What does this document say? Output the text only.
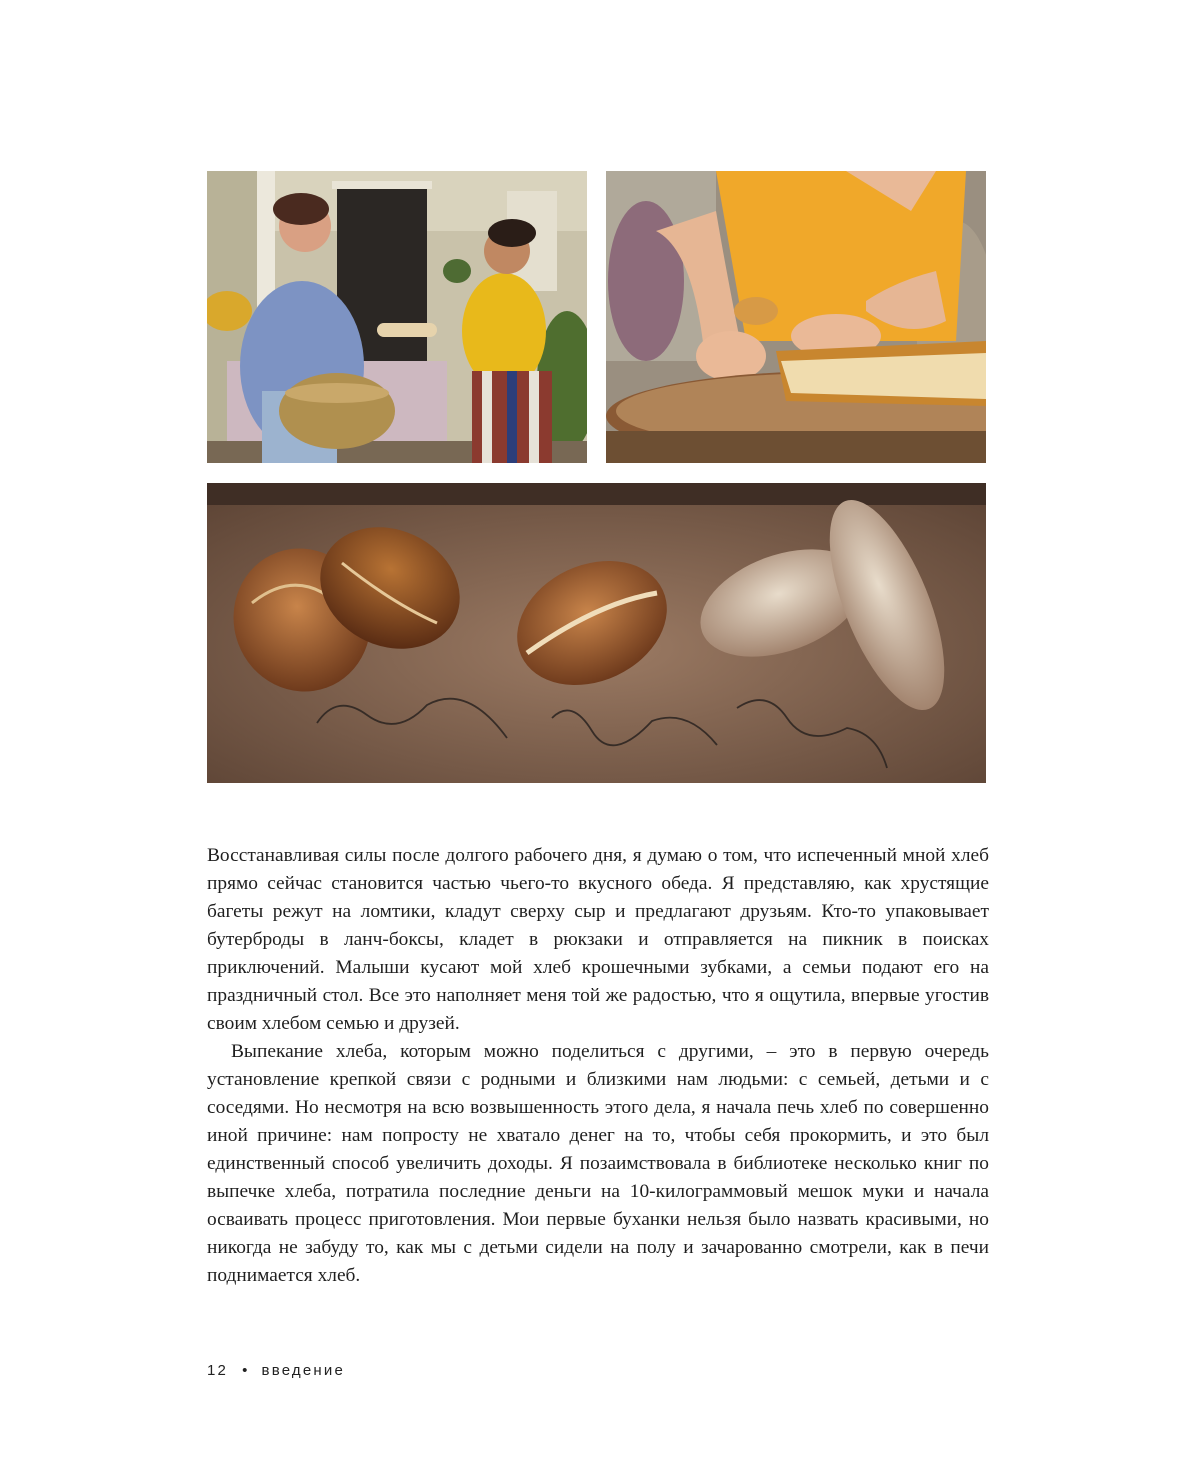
Восстанавливая силы после долгого рабочего дня, я думаю о том, что испеченный мной хлеб прямо сейчас становится частью чьего-то вкусного обеда. Я представляю, как хрустящие багеты режут на ломтики, кладут сверху сыр и предлагают друзьям. Кто-то упаковывает бутерброды в ланч-боксы, кладет в рюкзаки и отправляется на пикник в поисках приключений. Малыши кусают мой хлеб крошечными зубками, а семьи подают его на праздничный стол. Все это наполняет меня той же радостью, что я ощутила, впервые угостив своим хлебом семью и друзей.

Выпекание хлеба, которым можно поделиться с другими, – это в первую очередь установление крепкой связи с родными и близкими нам людьми: с семьей, детьми и с соседями. Но несмотря на всю возвышенность этого дела, я начала печь хлеб по совершенно иной причине: нам попросту не хватало денег на то, чтобы себя прокормить, и это был единственный способ увеличить доходы. Я позаимствовала в библиотеке несколько книг по выпечке хлеба, потратила последние деньги на 10-килограммовый мешок муки и начала осваивать процесс приготовления. Мои первые буханки нельзя было назвать красивыми, но никогда не забуду то, как мы с детьми сидели на полу и зачарованно смотрели, как в печи поднимается хлеб.

12 • введение
